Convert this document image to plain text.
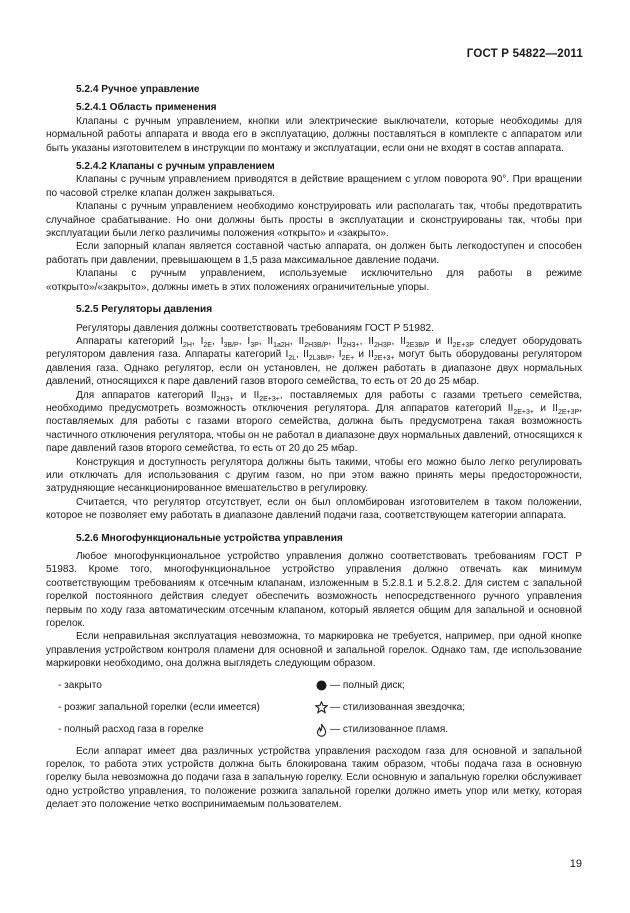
ГОСТ Р 54822—2011

5.2.4 Ручное управление

5.2.4.1 Область применения

Клапаны с ручным управлением, кнопки или электрические выключатели, которые необходимы для нормальной работы аппарата и ввода его в эксплуатацию, должны поставляться в комплекте с аппаратом или быть указаны изготовителем в инструкции по монтажу и эксплуатации, если они не входят в состав аппарата.

5.2.4.2 Клапаны с ручным управлением

Клапаны с ручным управлением приводятся в действие вращением с углом поворота 90°. При вращении по часовой стрелке клапан должен закрываться.

Клапаны с ручным управлением необходимо конструировать или располагать так, чтобы предотвратить случайное срабатывание. Но они должны быть просты в эксплуатации и сконструированы так, чтобы при эксплуатации были легко различимы положения «открыто» и «закрыто».

Если запорный клапан является составной частью аппарата, он должен быть легкодоступен и способен работать при давлении, превышающем в 1,5 раза максимальное давление подачи.

Клапаны с ручным управлением, используемые исключительно для работы в режиме «открыто»/«закрыто», должны иметь в этих положениях ограничительные упоры.

5.2.5 Регуляторы давления

Регуляторы давления должны соответствовать требованиям ГОСТ Р 51982.

Аппараты категорий $I_{2H}$, $I_{2E}$, $I_{3B/P}$, $I_{3P}$, $II_{1a2H}$, $II_{2H3B/P}$, $II_{2H3+}$, $II_{2H3P}$, $II_{2E3B/P}$ и $II_{2E+3P}$ следует оборудовать регулятором давления газа. Аппараты категорий $I_{2L}$, $II_{2L3B/P}$, $I_{2E+}$ и $II_{2E+3+}$ могут быть оборудованы регулятором давления газа. Однако регулятор, если он установлен, не должен работать в диапазоне двух нормальных давлений, относящихся к паре давлений газов второго семейства, то есть от 20 до 25 мбар.

Для аппаратов категорий $II_{2H3+}$ и $II_{2E+3+}$, поставляемых для работы с газами третьего семейства, необходимо предусмотреть возможность отключения регулятора. Для аппаратов категорий $II_{2E+3+}$ и $II_{2E+3P}$, поставляемых для работы с газами второго семейства, должна быть предусмотрена такая возможность частичного отключения регулятора, чтобы он не работал в диапазоне двух нормальных давлений, относящихся к паре давлений газов второго семейства, то есть от 20 до 25 мбар.

Конструкция и доступность регулятора должны быть такими, чтобы его можно было легко регулировать или отключать для использования с другим газом, но при этом важно принять меры предосторожности, затрудняющие несанкционированное вмешательство в регулировку.

Считается, что регулятор отсутствует, если он был опломбирован изготовителем в таком положении, которое не позволяет ему работать в диапазоне давлений подачи газа, соответствующем категории аппарата.

5.2.6 Многофункциональные устройства управления

Любое многофункциональное устройство управления должно соответствовать требованиям ГОСТ Р 51983. Кроме того, многофункциональное устройство управления должно отвечать как минимум соответствующим требованиям к отсечным клапанам, изложенным в 5.2.8.1 и 5.2.8.2. Для систем с запальной горелкой постоянного действия следует обеспечить возможность непосредственного ручного управления первым по ходу газа автоматическим отсечным клапаном, который является общим для запальной и основной горелок.

Если неправильная эксплуатация невозможна, то маркировка не требуется, например, при одной кнопке управления устройством контроля пламени для основной и запальной горелок. Однако там, где использование маркировки необходимо, она должна выглядеть следующим образом.

- закрыто	— полный диск;
- розжиг запальной горелки (если имеется)	— стилизованная звездочка;
- полный расход газа в горелке	— стилизованное пламя.

Если аппарат имеет два различных устройства управления расходом газа для основной и запальной горелок, то работа этих устройств должна быть блокирована таким образом, чтобы подача газа в основную горелку была невозможна до подачи газа в запальную горелку. Если основную и запальную горелки обслуживает одно устройство управления, то положение розжига запальной горелки должно иметь упор или метку, которая делает это положение четко воспринимаемым пользователем.

19
